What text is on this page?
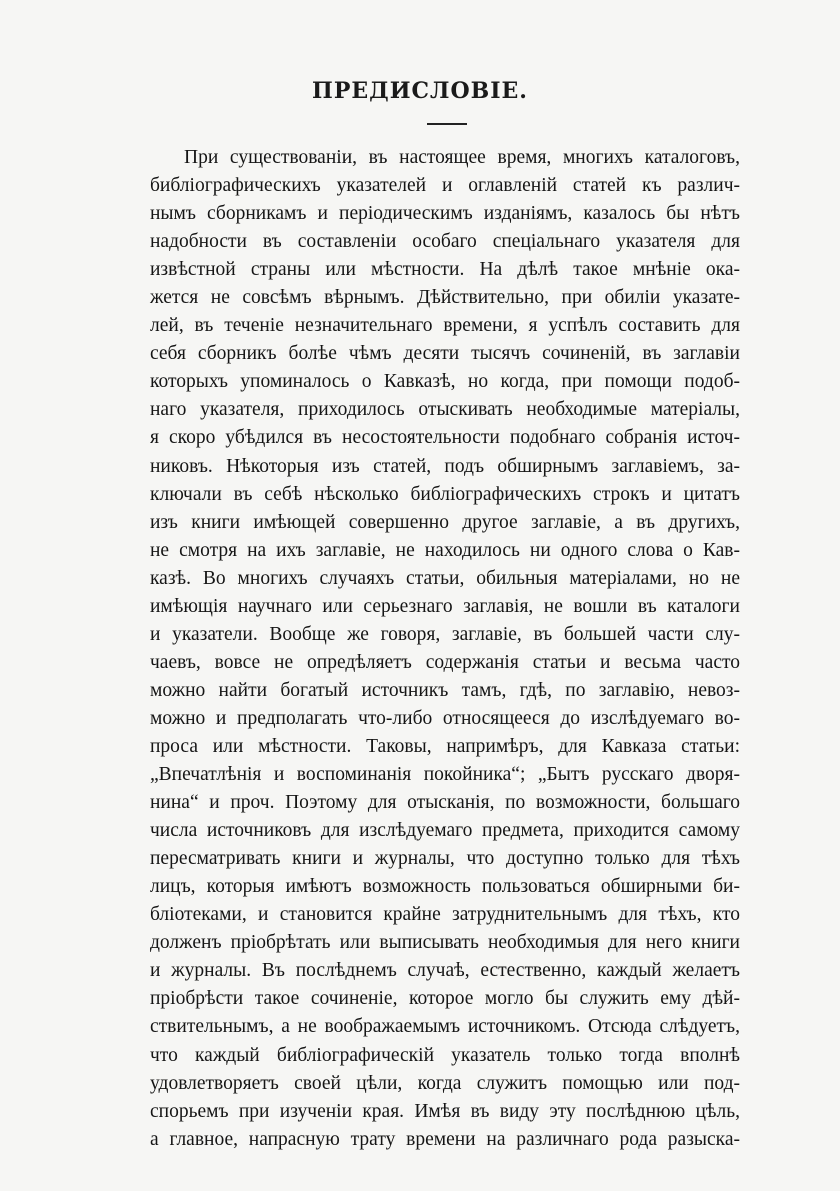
ПРЕДИСЛОВIE.
При существованiи, въ настоящее время, многихъ каталоговъ,
библiографическихъ указателей и оглавленiй статей къ различ-
нымъ сборникамъ и перiодическимъ изданiямъ, казалось бы нѣтъ
надобности въ составленiи особаго спецiальнаго указателя для
извѣстной страны или мѣстности. На дѣлѣ такое мнѣнie ока-
жется не совсѣмъ вѣрнымъ. Дѣйствительно, при обилiи указате-
лей, въ теченie незначительнаго времени, я успѣлъ составить для
себя сборникъ болѣе чѣмъ десяти тысячъ сочиненiй, въ заглавiи
которыхъ упоминалось о Кавказѣ, но когда, при помощи подоб-
наго указателя, приходилось отыскивать необходимые матерiалы,
я скоро убѣдился въ несостоятельности подобнаго собранiя источ-
никовъ. Нѣкоторыя изъ статей, подъ обширнымъ заглавiемъ, за-
ключали въ себѣ нѣсколько библiографическихъ строкъ и цитатъ
изъ книги имѣющей совершенно другое заглавie, а въ другихъ,
не смотря на ихъ заглавie, не находилось ни одного слова о Кав-
казѣ. Во многихъ случаяхъ статьи, обильныя матерiалами, но не
имѣющiя научнаго или серьезнаго заглавiя, не вошли въ каталоги
и указатели. Вообще же говоря, заглавie, въ большей части слу-
чаевъ, вовсе не опредѣляетъ содержанiя статьи и весьма часто
можно найти богатый источникъ тамъ, гдѣ, по заглавiю, невоз-
можно и предполагать что-либо относящееся до изслѣдуемаго во-
проса или мѣстности. Таковы, напримѣръ, для Кавказа статьи:
„Впечатлѣнiя и воспоминанiя покойника“; „Бытъ русскаго дворя-
нина“ и проч. Поэтому для отысканiя, по возможности, большаго
числа источниковъ для изслѣдуемаго предмета, приходится самому
пересматривать книги и журналы, что доступно только для тѣхъ
лицъ, которыя имѣютъ возможность пользоваться обширными би-
блiотеками, и становится крайне затруднительнымъ для тѣхъ, кто
долженъ прiобрѣтать или выписывать необходимыя для него книги
и журналы. Въ послѣднемъ случаѣ, естественно, каждый желаетъ
прiобрѣсти такое сочиненie, которое могло бы служить ему дѣй-
ствительнымъ, а не воображаемымъ источникомъ. Отсюда слѣдуетъ,
что каждый библiографическiй указатель только тогда вполнѣ
удовлетворяетъ своей цѣли, когда служитъ помощью или под-
спорьемъ при изученiи края. Имѣя въ виду эту послѣднюю цѣль,
а главное, напрасную трату времени на различнаго рода разыска-
